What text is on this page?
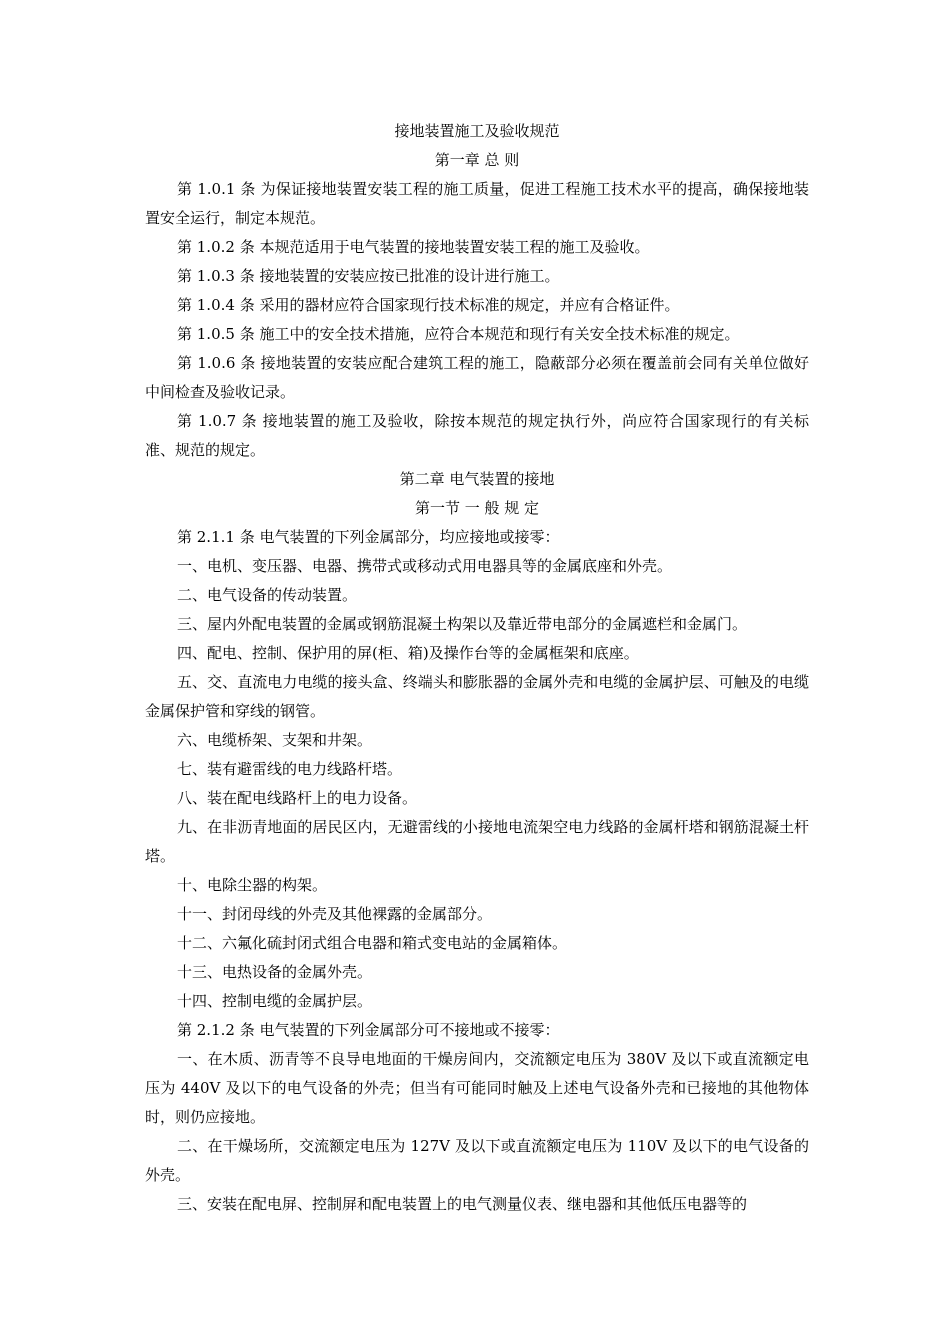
接地装置施工及验收规范

第一章 总 则

第 1.0.1 条 为保证接地装置安装工程的施工质量，促进工程施工技术水平的提高，确保接地装置安全运行，制定本规范。

第 1.0.2 条 本规范适用于电气装置的接地装置安装工程的施工及验收。

第 1.0.3 条 接地装置的安装应按已批准的设计进行施工。

第 1.0.4 条 采用的器材应符合国家现行技术标准的规定，并应有合格证件。

第 1.0.5 条 施工中的安全技术措施，应符合本规范和现行有关安全技术标准的规定。

第 1.0.6 条 接地装置的安装应配合建筑工程的施工，隐蔽部分必须在覆盖前会同有关单位做好中间检查及验收记录。

第 1.0.7 条 接地装置的施工及验收，除按本规范的规定执行外，尚应符合国家现行的有关标准、规范的规定。

第二章 电气装置的接地

第一节 一 般 规 定

第 2.1.1 条 电气装置的下列金属部分，均应接地或接零：

一、电机、变压器、电器、携带式或移动式用电器具等的金属底座和外壳。

二、电气设备的传动装置。

三、屋内外配电装置的金属或钢筋混凝土构架以及靠近带电部分的金属遮栏和金属门。

四、配电、控制、保护用的屏(柜、箱)及操作台等的金属框架和底座。

五、交、直流电力电缆的接头盒、终端头和膨胀器的金属外壳和电缆的金属护层、可触及的电缆金属保护管和穿线的钢管。

六、电缆桥架、支架和井架。

七、装有避雷线的电力线路杆塔。

八、装在配电线路杆上的电力设备。

九、在非沥青地面的居民区内，无避雷线的小接地电流架空电力线路的金属杆塔和钢筋混凝土杆塔。

十、电除尘器的构架。

十一、封闭母线的外壳及其他裸露的金属部分。

十二、六氟化硫封闭式组合电器和箱式变电站的金属箱体。

十三、电热设备的金属外壳。

十四、控制电缆的金属护层。

第 2.1.2 条 电气装置的下列金属部分可不接地或不接零：

一、在木质、沥青等不良导电地面的干燥房间内，交流额定电压为 380V 及以下或直流额定电压为 440V 及以下的电气设备的外壳；但当有可能同时触及上述电气设备外壳和已接地的其他物体时，则仍应接地。

二、在干燥场所，交流额定电压为 127V 及以下或直流额定电压为 110V 及以下的电气设备的外壳。

三、安装在配电屏、控制屏和配电装置上的电气测量仪表、继电器和其他低压电器等的
